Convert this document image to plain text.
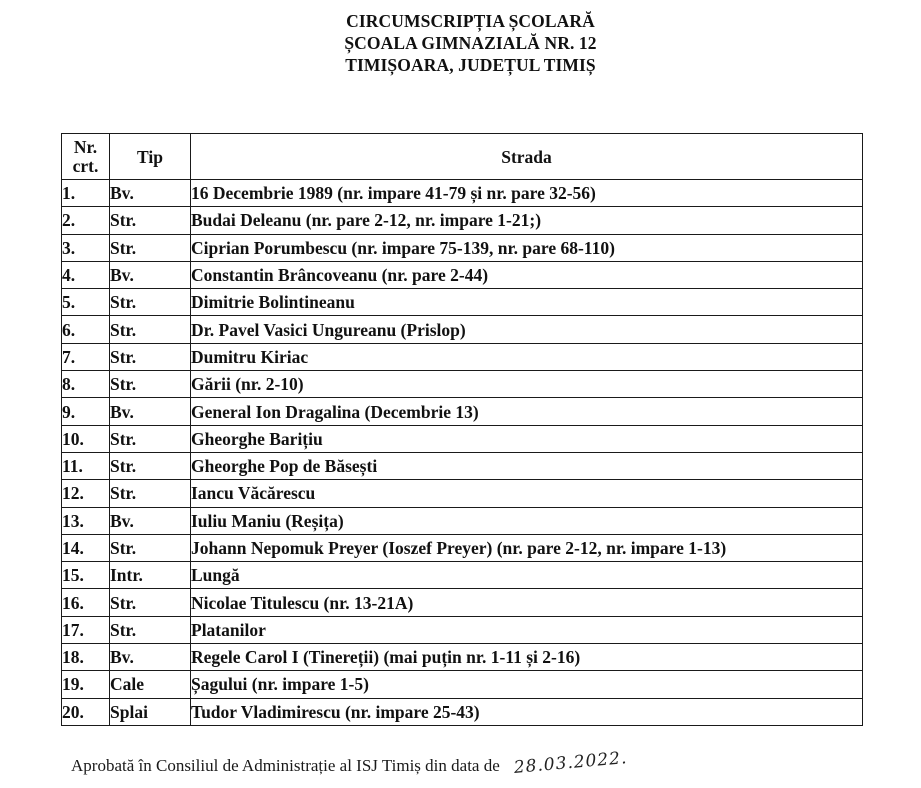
CIRCUMSCRIPȚIA ȘCOLARĂ
ȘCOALA GIMNAZIALĂ NR. 12
TIMIȘOARA, JUDEȚUL TIMIȘ
Nr.
crt.	Tip	Strada
1.	Bv.	16 Decembrie 1989 (nr. impare 41-79 și nr. pare 32-56)
2.	Str.	Budai Deleanu (nr. pare 2-12, nr. impare 1-21;)
3.	Str.	Ciprian Porumbescu (nr. impare 75-139, nr. pare 68-110)
4.	Bv.	Constantin Brâncoveanu (nr. pare 2-44)
5.	Str.	Dimitrie Bolintineanu
6.	Str.	Dr. Pavel Vasici Ungureanu (Prislop)
7.	Str.	Dumitru Kiriac
8.	Str.	Gării (nr. 2-10)
9.	Bv.	General Ion Dragalina (Decembrie 13)
10.	Str.	Gheorghe Barițiu
11.	Str.	Gheorghe Pop de Băsești
12.	Str.	Iancu Văcărescu
13.	Bv.	Iuliu Maniu (Reșița)
14.	Str.	Johann Nepomuk Preyer (Ioszef Preyer) (nr. pare 2-12, nr. impare 1-13)
15.	Intr.	Lungă
16.	Str.	Nicolae Titulescu (nr. 13-21A)
17.	Str.	Platanilor
18.	Bv.	Regele Carol I (Tinereții) (mai puțin nr. 1-11 și 2-16)
19.	Cale	Șagului (nr. impare 1-5)
20.	Splai	Tudor Vladimirescu (nr. impare 25-43)
Aprobată în Consiliul de Administrație al ISJ Timiș din data de 28.03.2022.
